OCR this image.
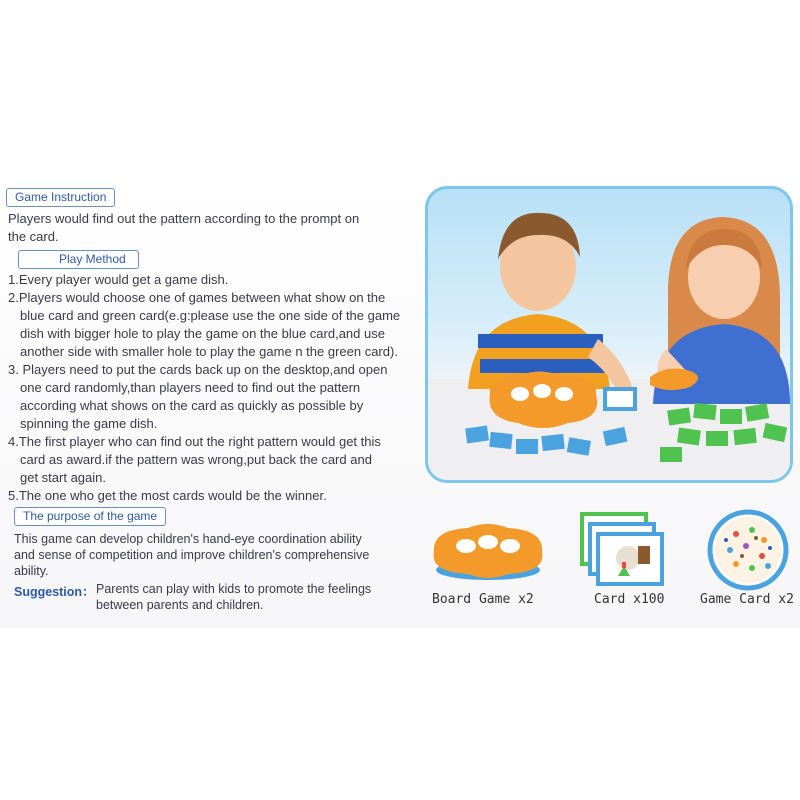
Game Instruction
Players would find out the pattern according to the prompt on
the card.
Play Method
1.Every player would get a game dish.
2.Players would choose one of games between what show on the
blue card and green card(e.g:please use the one side of the game
dish with bigger hole to play the game on the blue card,and use
another side with smaller hole to play the game n the green card).
3. Players need to put the cards back up on the desktop,and open
one card randomly,than players need to find out the pattern
according what shows on the card as quickly as possible by
spinning the game dish.
4.The first player who can find out the right pattern would get this
card as award.if the pattern was wrong,put back the card and
get start again.
5.The one who get the most cards would be the winner.
The purpose of the game
This game can develop children's hand-eye coordination ability
and sense of competition and improve children's comprehensive
ability.
Suggestion： Parents can play with kids to promote the feelings
between parents and children.	Board Game x2	Card x100	Game Card x2
